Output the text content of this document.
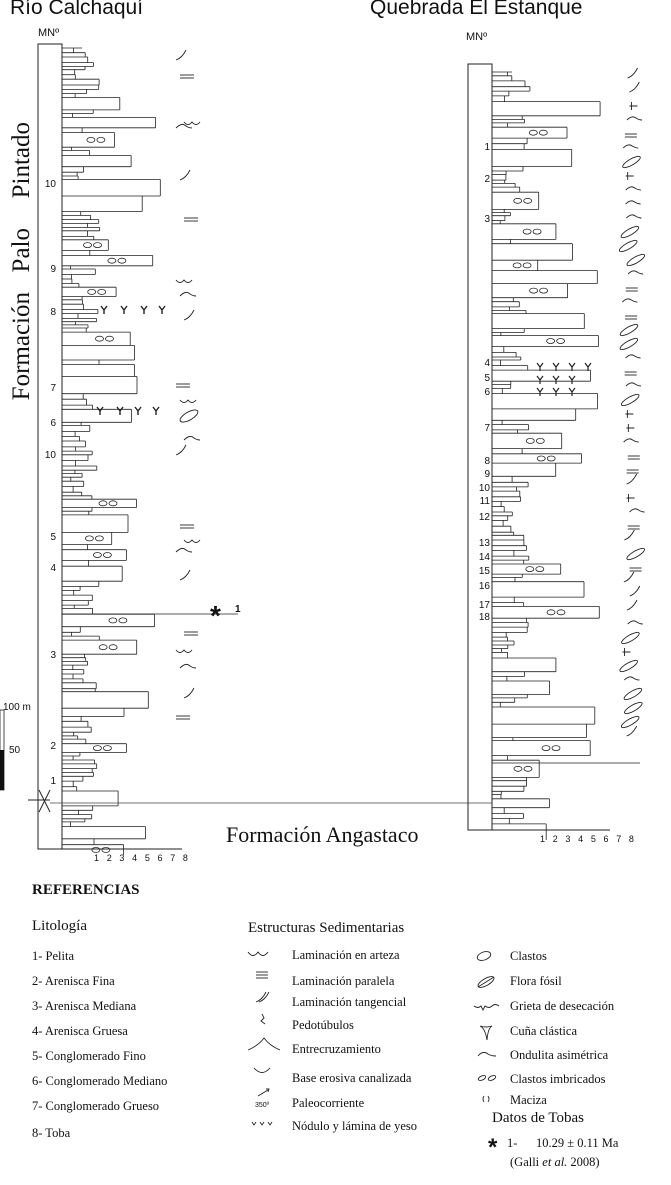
Río Calchaquí	Quebrada El Estanque
MNº	MNº
Formación
Palo
Pintado 10
9
8
7
6
10
5
4
3
2
1
* 1
100 m
50
1 2 3 4 5 6 7 8
1
2
3
4
5
6
7
8
9
10
11
12
13
14
15
16
17
18
1 2 3 4 5 6 7 8
Formación Angastaco
REFERENCIAS
Litología
1- Pelita
2- Arenisca Fina
3- Arenisca Mediana
4- Arenisca Gruesa
5- Conglomerado Fino
6- Conglomerado Mediano
7- Conglomerado Grueso
8- Toba
Estructuras Sedimentarias
350º
Laminación en arteza
Laminación paralela
Laminación tangencial
Pedotúbulos
Entrecruzamiento
Base erosiva canalizada
Paleocorriente
Nódulo y lámina de yeso
Clastos
Flora fósil
Grieta de desecación
Cuña clástica
Ondulita asimétrica
Clastos imbricados
Maciza
Datos de Tobas
* 1- 10.29 ± 0.11 Ma
(Galli et al. 2008)
